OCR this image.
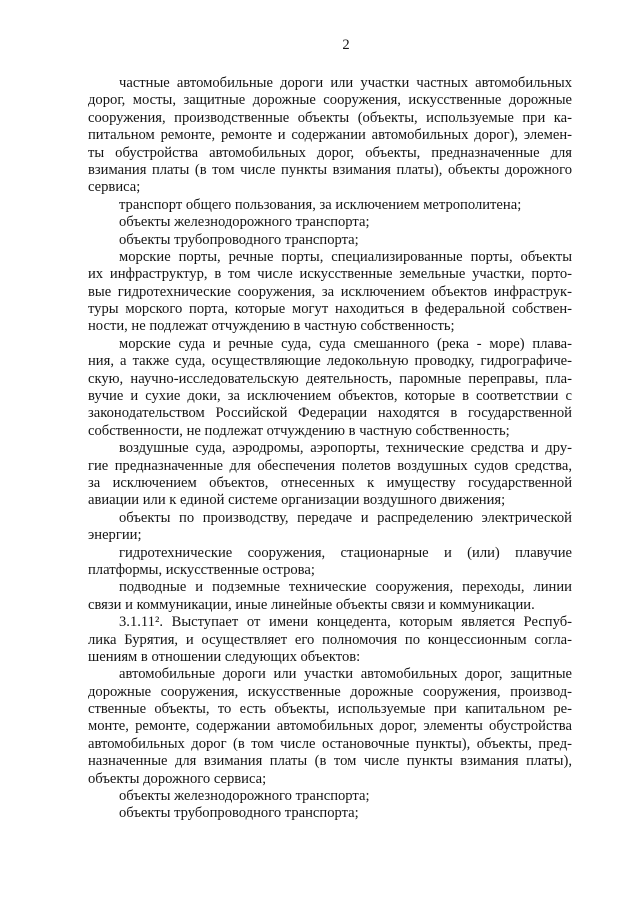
2
частные автомобильные дороги или участки частных автомобильных
дорог, мосты, защитные дорожные сооружения, искусственные дорожные
сооружения, производственные объекты (объекты, используемые при ка-
питальном ремонте, ремонте и содержании автомобильных дорог), элемен-
ты обустройства автомобильных дорог, объекты, предназначенные для
взимания платы (в том числе пункты взимания платы), объекты дорожного
сервиса;
транспорт общего пользования, за исключением метрополитена;
объекты железнодорожного транспорта;
объекты трубопроводного транспорта;
морские порты, речные порты, специализированные порты, объекты
их инфраструктур, в том числе искусственные земельные участки, порто-
вые гидротехнические сооружения, за исключением объектов инфраструк-
туры морского порта, которые могут находиться в федеральной собствен-
ности, не подлежат отчуждению в частную собственность;
морские суда и речные суда, суда смешанного (река - море) плава-
ния, а также суда, осуществляющие ледокольную проводку, гидрографиче-
скую, научно-исследовательскую деятельность, паромные переправы, пла-
вучие и сухие доки, за исключением объектов, которые в соответствии с
законодательством Российской Федерации находятся в государственной
собственности, не подлежат отчуждению в частную собственность;
воздушные суда, аэродромы, аэропорты, технические средства и дру-
гие предназначенные для обеспечения полетов воздушных судов средства,
за исключением объектов, отнесенных к имуществу государственной
авиации или к единой системе организации воздушного движения;
объекты по производству, передаче и распределению электрической
энергии;
гидротехнические сооружения, стационарные и (или) плавучие
платформы, искусственные острова;
подводные и подземные технические сооружения, переходы, линии
связи и коммуникации, иные линейные объекты связи и коммуникации.
3.1.11². Выступает от имени концедента, которым является Респуб-
лика Бурятия, и осуществляет его полномочия по концессионным согла-
шениям в отношении следующих объектов:
автомобильные дороги или участки автомобильных дорог, защитные
дорожные сооружения, искусственные дорожные сооружения, производ-
ственные объекты, то есть объекты, используемые при капитальном ре-
монте, ремонте, содержании автомобильных дорог, элементы обустройства
автомобильных дорог (в том числе остановочные пункты), объекты, пред-
назначенные для взимания платы (в том числе пункты взимания платы),
объекты дорожного сервиса;
объекты железнодорожного транспорта;
объекты трубопроводного транспорта;
